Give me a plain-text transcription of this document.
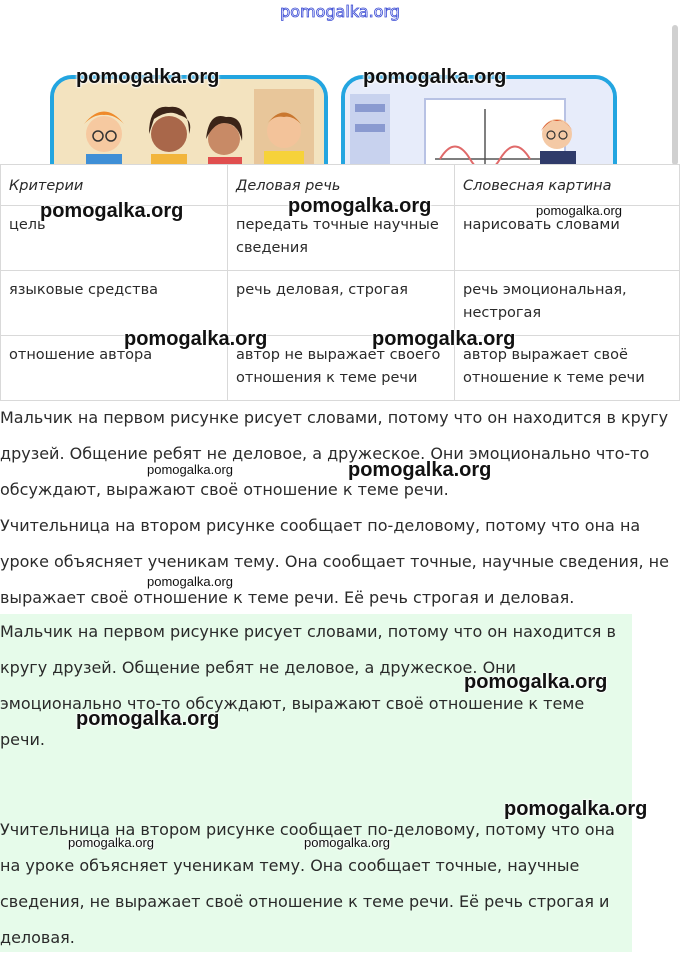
pomogalka.org
Критерии	Деловая речь	Словесная картина
цель	передать точные научные сведения	нарисовать словами
языковые средства	речь деловая, строгая	речь эмоциональная, нестрогая
отношение автора	автор не выражает своего отношения к теме речи	автор выражает своё отношение к теме речи
Мальчик на первом рисунке рисует словами, потому что он находится в кругу друзей. Общение ребят не деловое, а дружеское. Они эмоционально что-то обсуждают, выражают своё отношение к теме речи.
Учительница на втором рисунке сообщает по-деловому, потому что она на уроке объясняет ученикам тему. Она сообщает точные, научные сведения, не выражает своё отношение к теме речи. Её речь строгая и деловая.
Мальчик на первом рисунке рисует словами, потому что он находится в кругу друзей. Общение ребят не деловое, а дружеское. Они эмоционально что-то обсуждают, выражают своё отношение к теме речи.
Учительница на втором рисунке сообщает по-деловому, потому что она на уроке объясняет ученикам тему. Она сообщает точные, научные сведения, не выражает своё отношение к теме речи. Её речь строгая и деловая.
pomogalka.org	pomogalka.org
pomogalka.org	pomogalka.org	pomogalka.org
pomogalka.org	pomogalka.org
pomogalka.org	pomogalka.org
pomogalka.org
pomogalka.org
pomogalka.org
pomogalka.org
pomogalka.org	pomogalka.org
